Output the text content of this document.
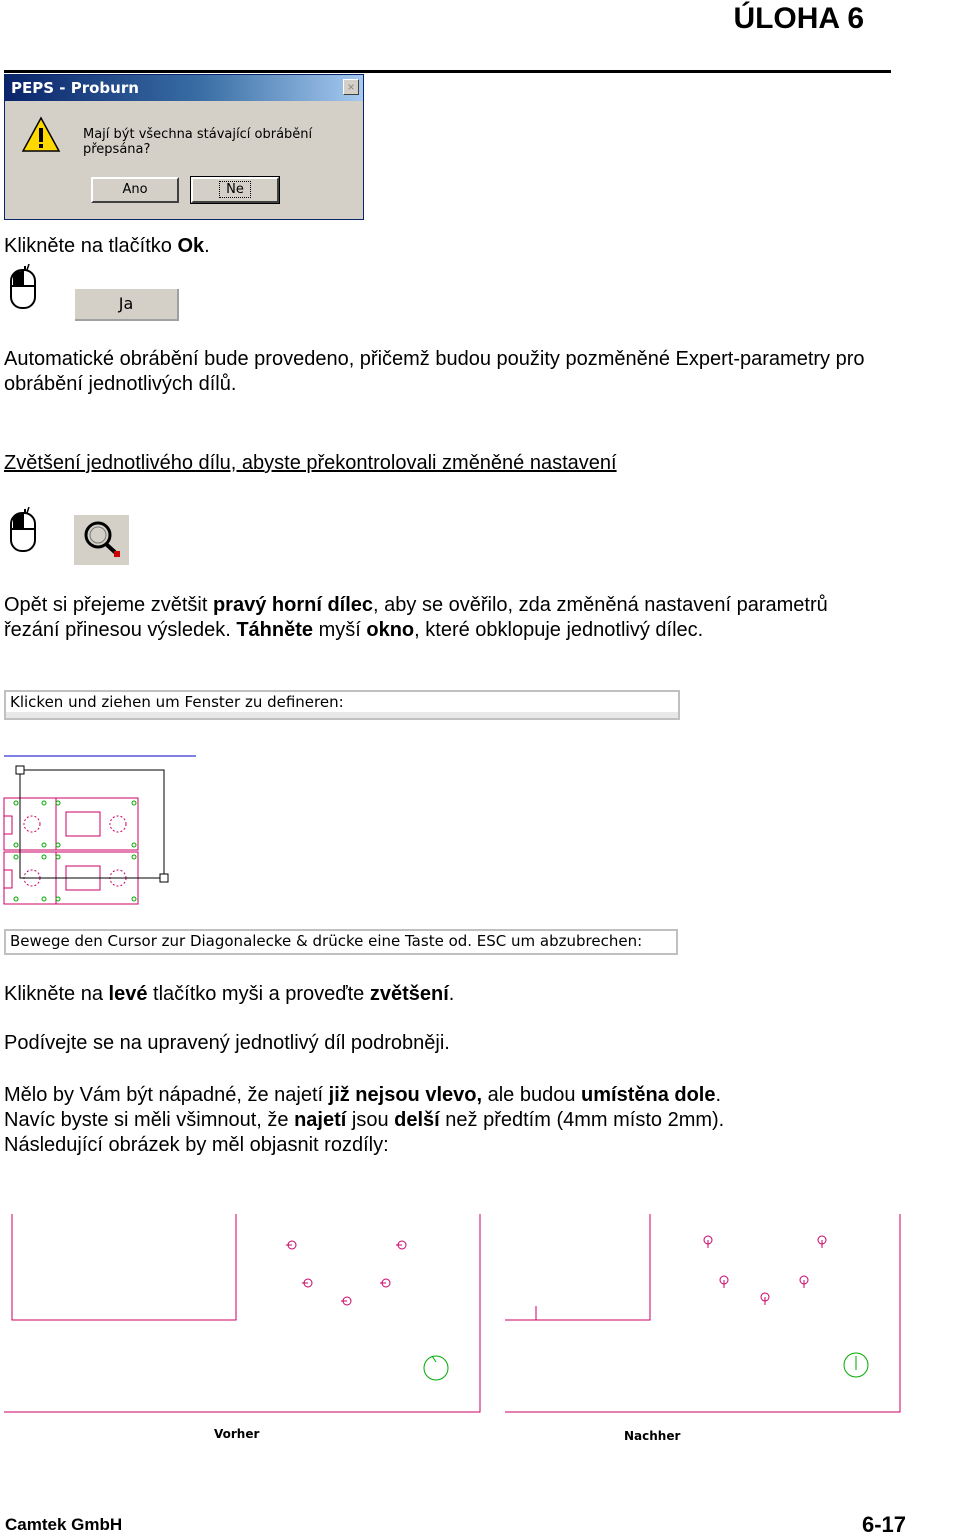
ÚLOHA 6
PEPS - Proburn	×
Mají být všechna stávající obrábění přepsána?
Ano	Ne
Klikněte na tlačítko Ok.
Ja
Automatické obrábění bude provedeno, přičemž budou použity pozměněné Expert-parametry pro
obrábění jednotlivých dílů.
Zvětšení jednotlivého dílu, abyste překontrolovali změněné nastavení
Opět si přejeme zvětšit pravý horní dílec, aby se ověřilo, zda změněná nastavení parametrů
řezání přinesou výsledek. Táhněte myší okno, které obklopuje jednotlivý dílec.
Klicken und ziehen um Fenster zu defineren:
Bewege den Cursor zur Diagonalecke & drücke eine Taste od. ESC um abzubrechen:
Klikněte na levé tlačítko myši a proveďte zvětšení.
Podívejte se na upravený jednotlivý díl podrobněji.
Mělo by Vám být nápadné, že najetí již nejsou vlevo, ale budou umístěna dole.
Navíc byste si měli všimnout, že najetí jsou delší než předtím (4mm místo 2mm).
Následující obrázek by měl objasnit rozdíly:
Vorher	Nachher
Camtek GmbH	6-17
